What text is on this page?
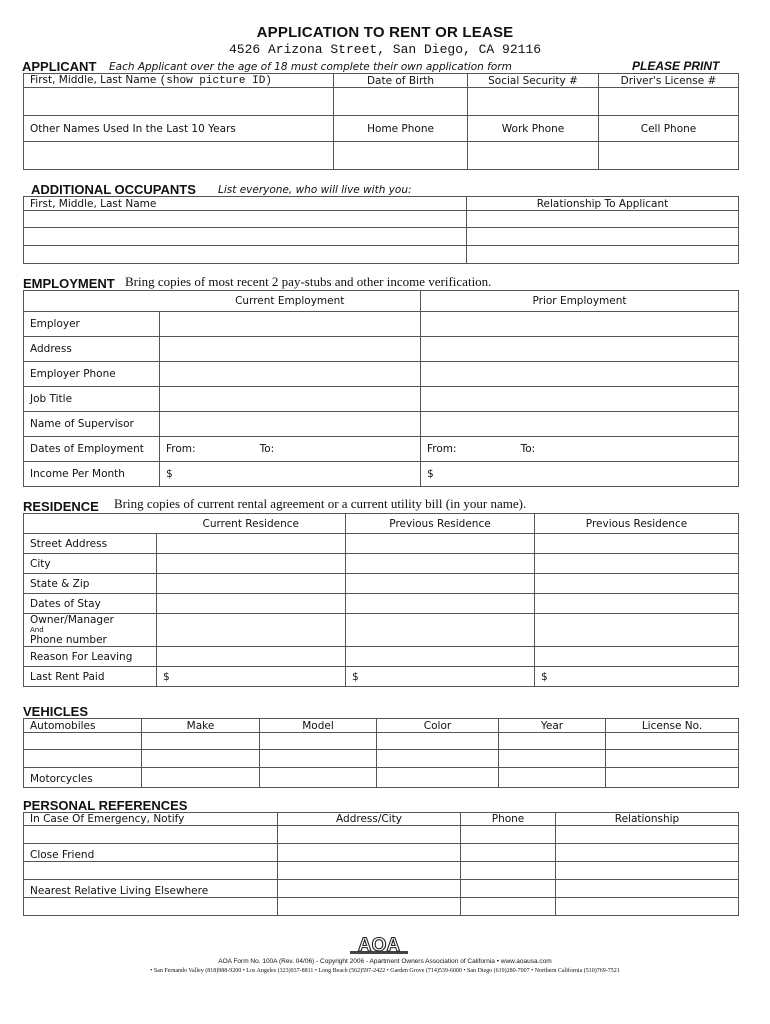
APPLICATION TO RENT OR LEASE
4526 Arizona Street, San Diego, CA 92116
APPLICANT Each Applicant over the age of 18 must complete their own application form	PLEASE PRINT
First, Middle, Last Name (show picture ID)	Date of Birth	Social Security #	Driver's License #

Other Names Used In the Last 10 Years	Home Phone	Work Phone	Cell Phone

ADDITIONAL OCCUPANTS List everyone, who will live with you:
First, Middle, Last Name	Relationship To Applicant

EMPLOYMENT Bring copies of most recent 2 pay-stubs and other income verification.
	Current Employment	Prior Employment
Employer		
Address		
Employer Phone		
Job Title		
Name of Supervisor		
Dates of Employment	From: To:	From: To:
Income Per Month	$	$
RESIDENCE Bring copies of current rental agreement or a current utility bill (in your name).
	Current Residence	Previous Residence	Previous Residence
Street Address			
City			
State & Zip			
Dates of Stay			
Owner/Manager
And
Phone number			
Reason For Leaving			
Last Rent Paid	$	$	$
VEHICLES
Automobiles	Make	Model	Color	Year	License No.

Motorcycles					
PERSONAL REFERENCES
In Case Of Emergency, Notify	Address/City	Phone	Relationship

Close Friend			

Nearest Relative Living Elsewhere			

AOA
AOA Form No. 100A (Rev. 04/06) - Copyright 2006 - Apartment Owners Association of California • www.aoausa.com
• San Fernando Valley (818)988-9200 • Los Angeles (323)937-8811 • Long Beach (562)597-2422 • Garden Grove (714)539-6000 • San Diego (619)280-7007 • Northern California (510)769-7521
